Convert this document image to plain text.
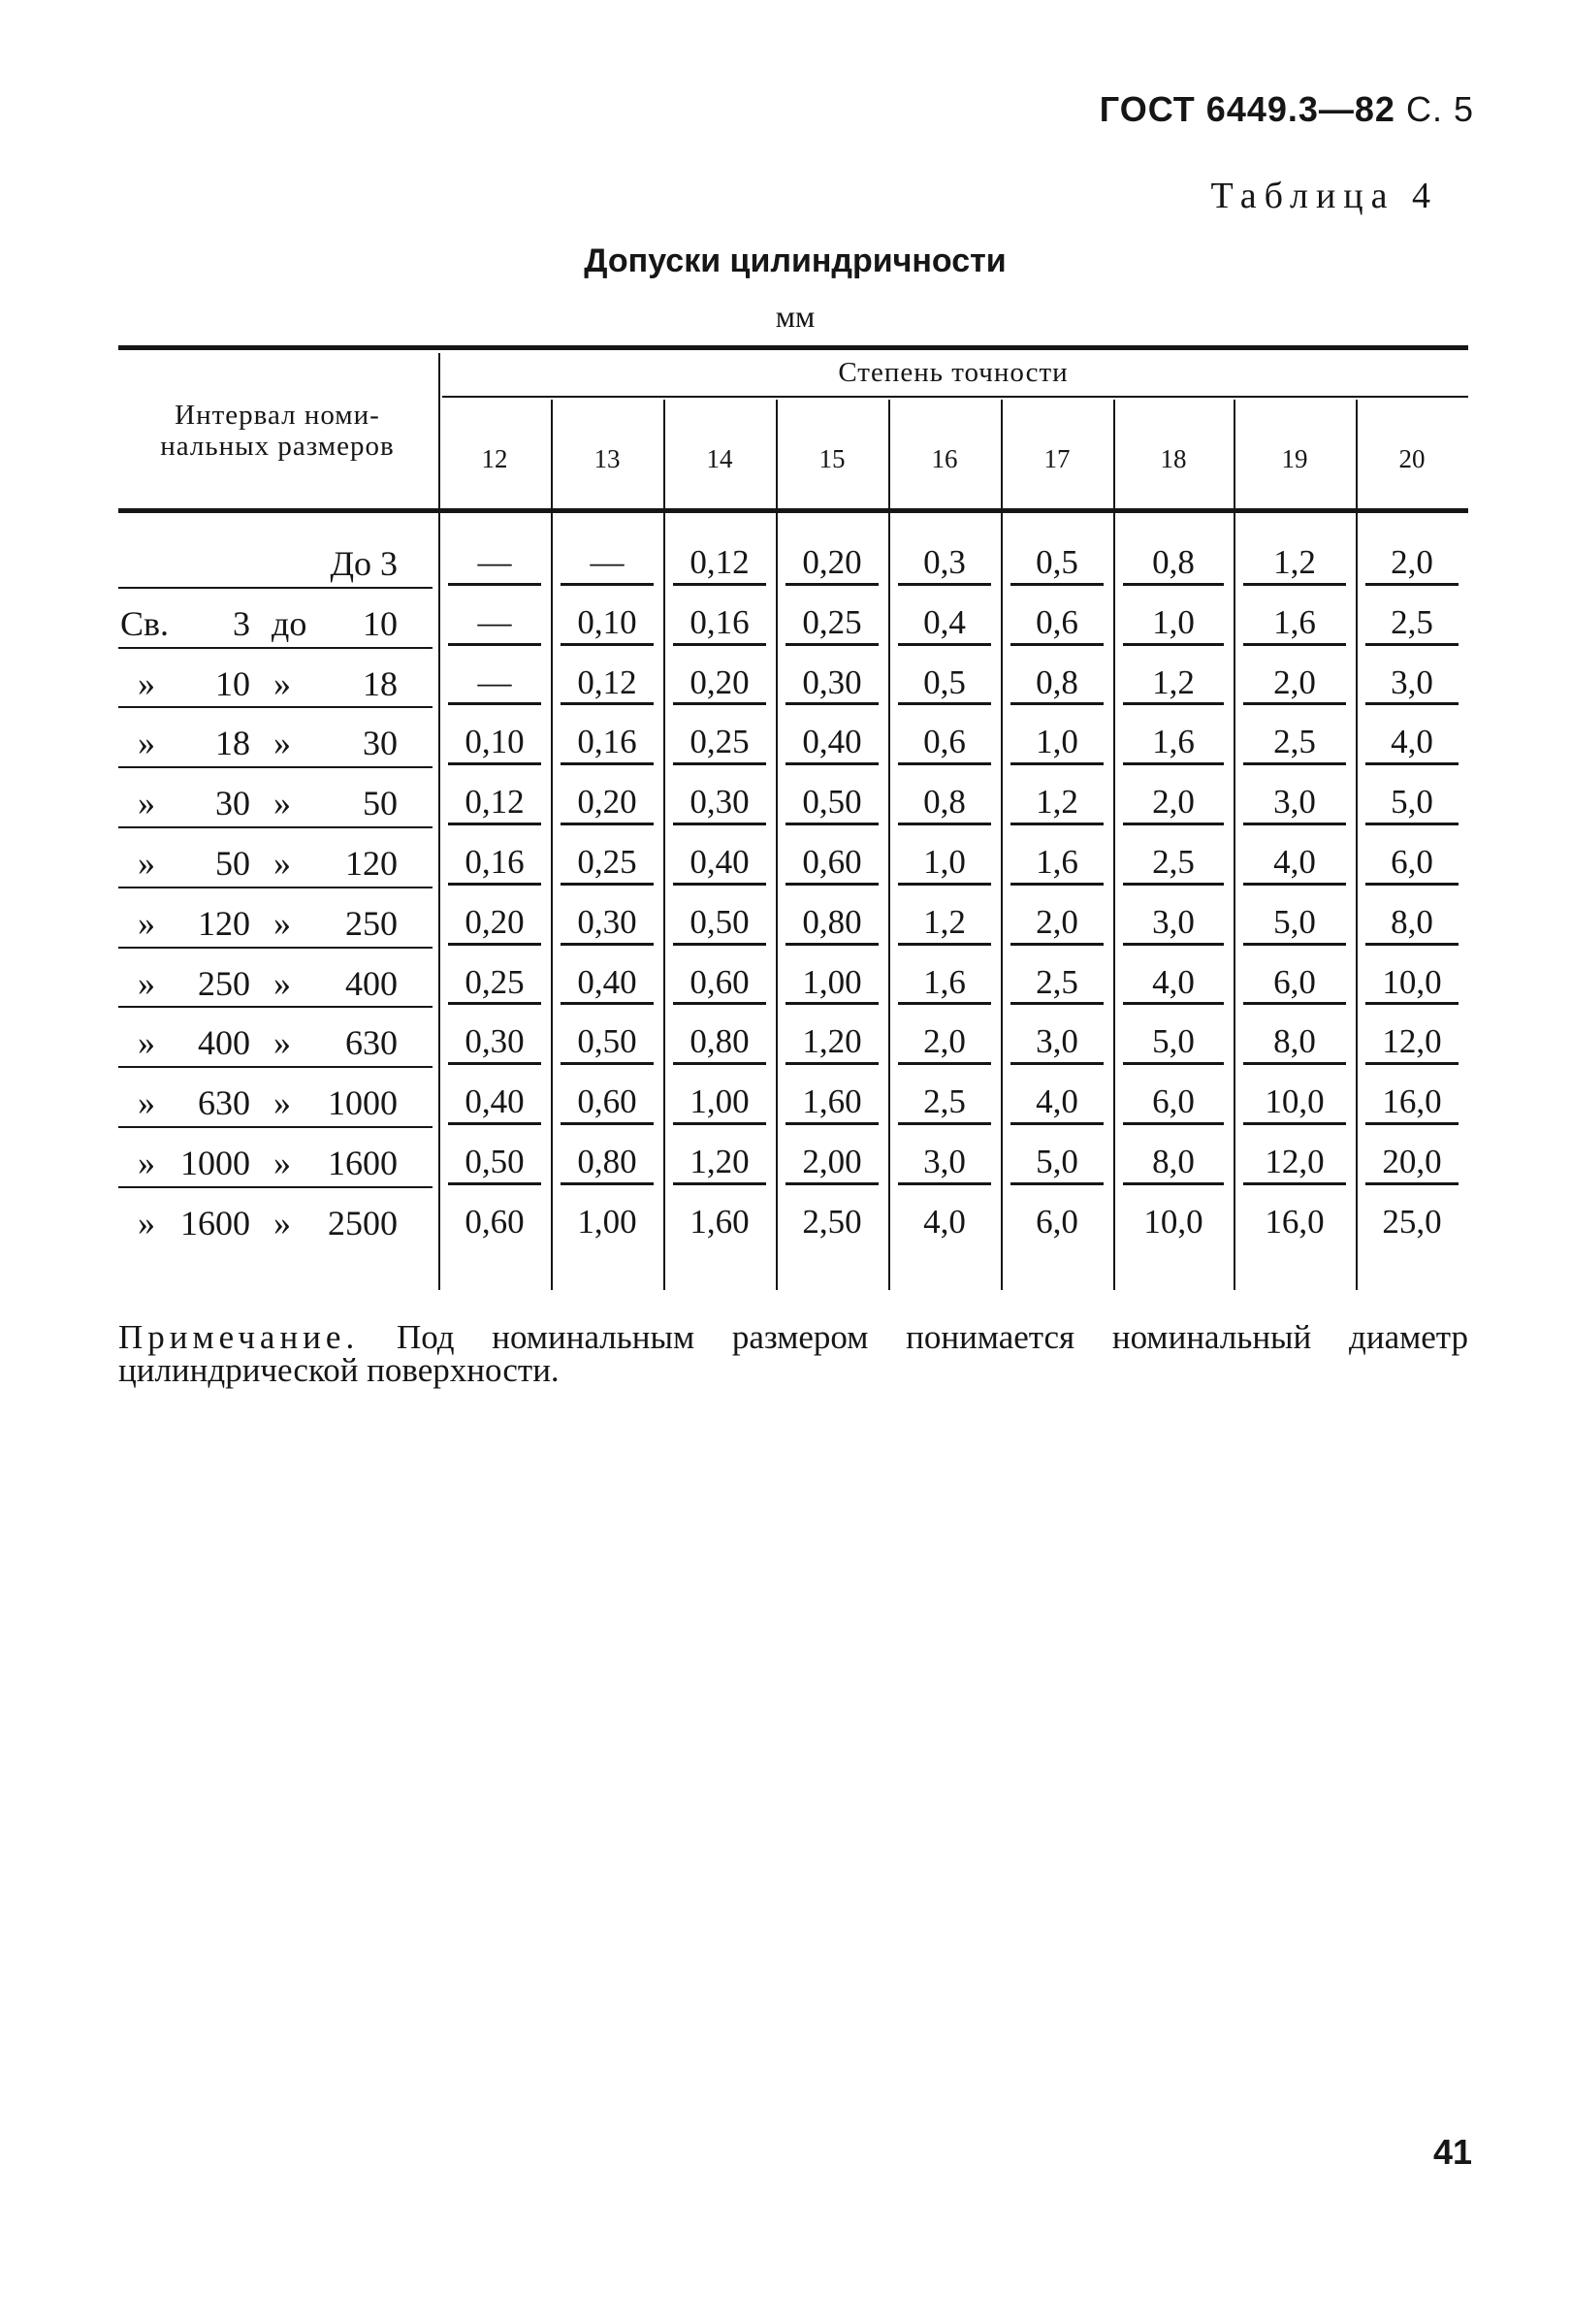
ГОСТ 6449.3—82 С. 5
Таблица 4
Допуски цилиндричности
мм
Интервал номи-
нальных размеров
Степень точности
12	13	14	15	16	17	18	19	20
До 3	—	—	0,12	0,20	0,3	0,5	0,8	1,2	2,0
Св. 3 до 10	—	0,10	0,16	0,25	0,4	0,6	1,0	1,6	2,5
» 10 » 18	—	0,12	0,20	0,30	0,5	0,8	1,2	2,0	3,0
» 18 » 30	0,10	0,16	0,25	0,40	0,6	1,0	1,6	2,5	4,0
» 30 » 50	0,12	0,20	0,30	0,50	0,8	1,2	2,0	3,0	5,0
» 50 » 120	0,16	0,25	0,40	0,60	1,0	1,6	2,5	4,0	6,0
» 120 » 250	0,20	0,30	0,50	0,80	1,2	2,0	3,0	5,0	8,0
» 250 » 400	0,25	0,40	0,60	1,00	1,6	2,5	4,0	6,0	10,0
» 400 » 630	0,30	0,50	0,80	1,20	2,0	3,0	5,0	8,0	12,0
» 630 » 1000	0,40	0,60	1,00	1,60	2,5	4,0	6,0	10,0	16,0
» 1000 » 1600	0,50	0,80	1,20	2,00	3,0	5,0	8,0	12,0	20,0
» 1600 » 2500	0,60	1,00	1,60	2,50	4,0	6,0	10,0	16,0	25,0
Примечание. Под номинальным размером понимается номинальный диаметр цилиндрической поверхности.
41
